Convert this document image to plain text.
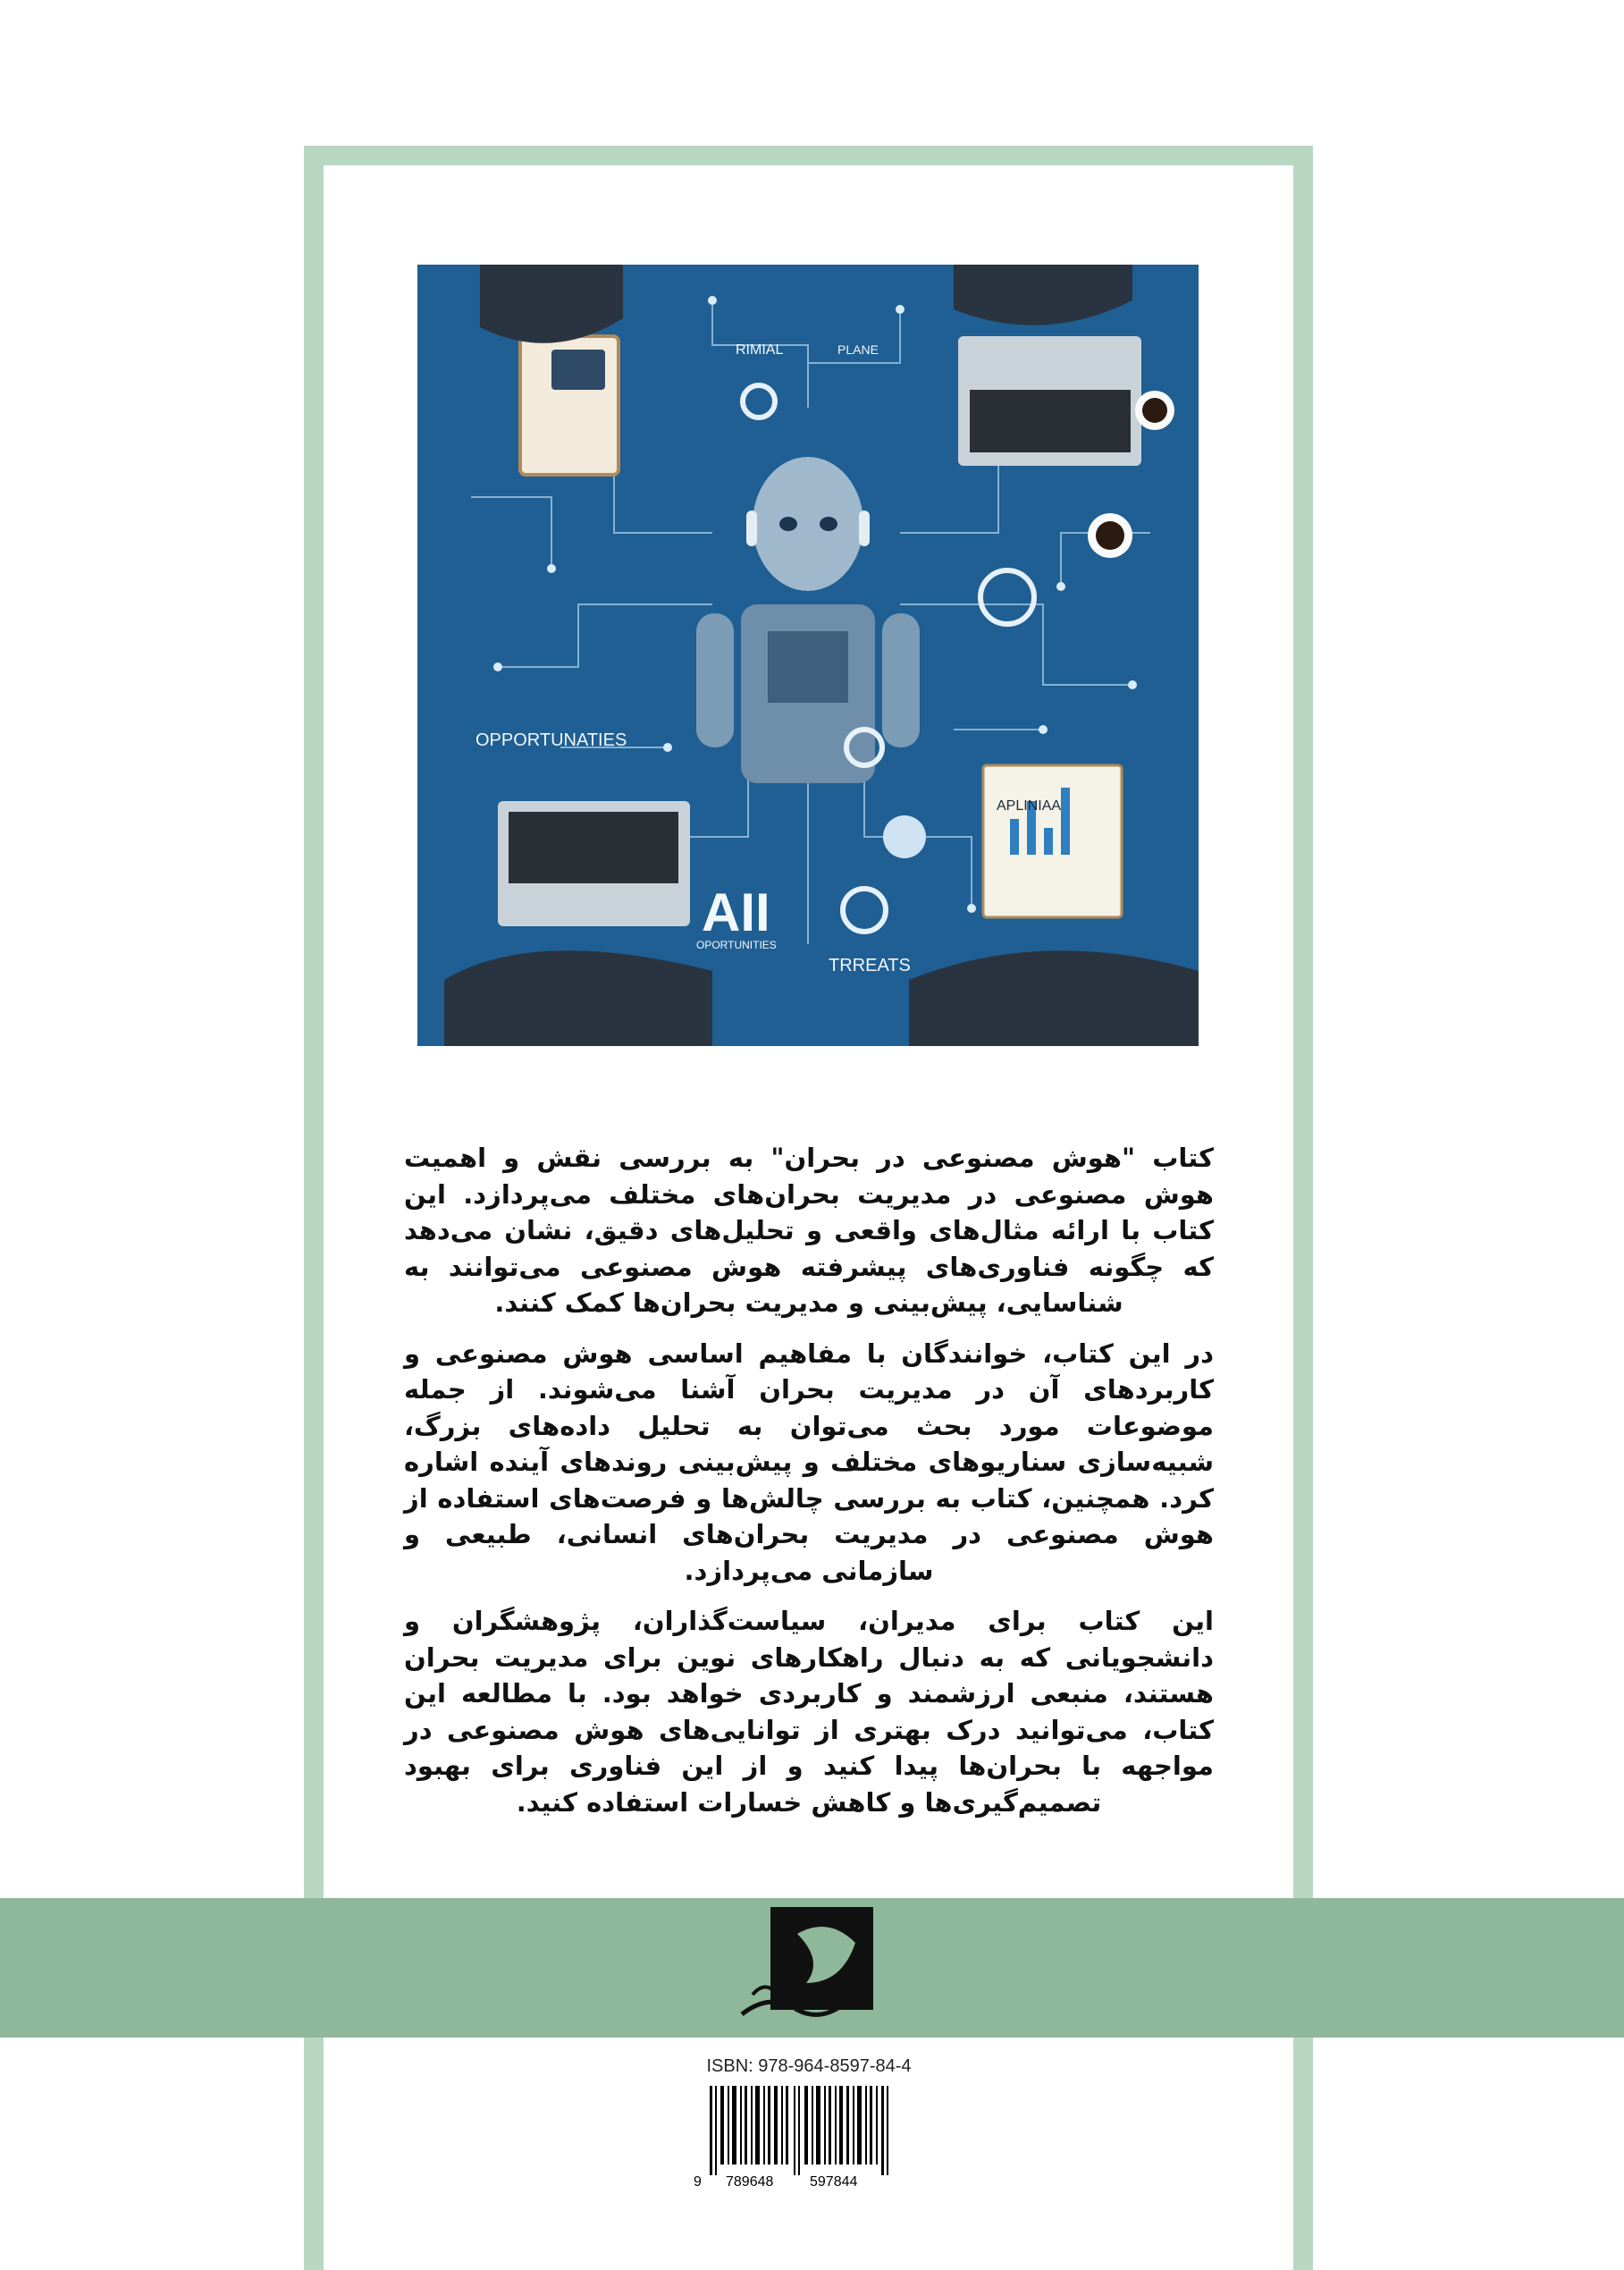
RIMIAL	PLANE
OPPORTUNATIES
APLINIAA
AII
OPORTUNITIES
TRREATS

کتاب "هوش مصنوعی در بحران" به بررسی نقش و اهمیت هوش مصنوعی در مدیریت بحران‌های مختلف می‌پردازد. این کتاب با ارائه مثال‌های واقعی و تحلیل‌های دقیق، نشان می‌دهد که چگونه فناوری‌های پیشرفته هوش مصنوعی می‌توانند به شناسایی، پیش‌بینی و مدیریت بحران‌ها کمک کنند.

در این کتاب، خوانندگان با مفاهیم اساسی هوش مصنوعی و کاربردهای آن در مدیریت بحران آشنا می‌شوند. از جمله موضوعات مورد بحث می‌توان به تحلیل داده‌های بزرگ، شبیه‌سازی سناریوهای مختلف و پیش‌بینی روندهای آینده اشاره کرد. همچنین، کتاب به بررسی چالش‌ها و فرصت‌های استفاده از هوش مصنوعی در مدیریت بحران‌های انسانی، طبیعی و سازمانی می‌پردازد.

این کتاب برای مدیران، سیاست‌گذاران، پژوهشگران و دانشجویانی که به دنبال راهکارهای نوین برای مدیریت بحران هستند، منبعی ارزشمند و کاربردی خواهد بود. با مطالعه این کتاب، می‌توانید درک بهتری از توانایی‌های هوش مصنوعی در مواجهه با بحران‌ها پیدا کنید و از این فناوری برای بهبود تصمیم‌گیری‌ها و کاهش خسارات استفاده کنید.

ISBN: 978-964-8597-84-4
9 789648	597844
